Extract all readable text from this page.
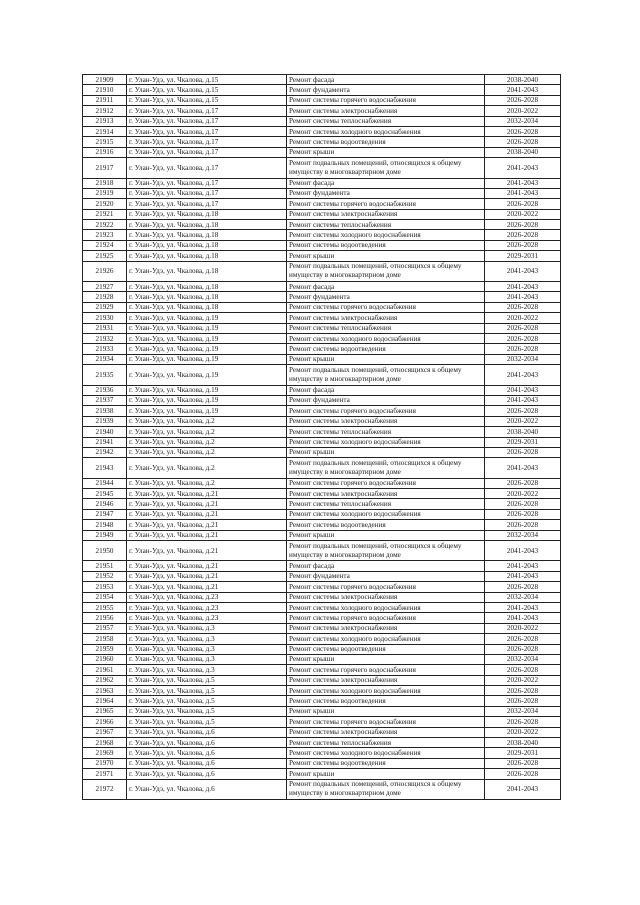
21909	г. Улан-Удэ, ул. Чкалова, д.15	Ремонт фасада	2038-2040
21910	г. Улан-Удэ, ул. Чкалова, д.15	Ремонт фундамента	2041-2043
21911	г. Улан-Удэ, ул. Чкалова, д.15	Ремонт системы горячего водоснабжения	2026-2028
21912	г. Улан-Удэ, ул. Чкалова, д.17	Ремонт системы электроснабжения	2020-2022
21913	г. Улан-Удэ, ул. Чкалова, д.17	Ремонт системы теплоснабжения	2032-2034
21914	г. Улан-Удэ, ул. Чкалова, д.17	Ремонт системы холодного водоснабжения	2026-2028
21915	г. Улан-Удэ, ул. Чкалова, д.17	Ремонт системы водоотведения	2026-2028
21916	г. Улан-Удэ, ул. Чкалова, д.17	Ремонт крыши	2038-2040
21917	г. Улан-Удэ, ул. Чкалова, д.17	Ремонт подвальных помещений, относящихся к общему имуществу в многоквартирном доме	2041-2043
21918	г. Улан-Удэ, ул. Чкалова, д.17	Ремонт фасада	2041-2043
21919	г. Улан-Удэ, ул. Чкалова, д.17	Ремонт фундамента	2041-2043
21920	г. Улан-Удэ, ул. Чкалова, д.17	Ремонт системы горячего водоснабжения	2026-2028
21921	г. Улан-Удэ, ул. Чкалова, д.18	Ремонт системы электроснабжения	2020-2022
21922	г. Улан-Удэ, ул. Чкалова, д.18	Ремонт системы теплоснабжения	2026-2028
21923	г. Улан-Удэ, ул. Чкалова, д.18	Ремонт системы холодного водоснабжения	2026-2028
21924	г. Улан-Удэ, ул. Чкалова, д.18	Ремонт системы водоотведения	2026-2028
21925	г. Улан-Удэ, ул. Чкалова, д.18	Ремонт крыши	2029-2031
21926	г. Улан-Удэ, ул. Чкалова, д.18	Ремонт подвальных помещений, относящихся к общему имуществу в многоквартирном доме	2041-2043
21927	г. Улан-Удэ, ул. Чкалова, д.18	Ремонт фасада	2041-2043
21928	г. Улан-Удэ, ул. Чкалова, д.18	Ремонт фундамента	2041-2043
21929	г. Улан-Удэ, ул. Чкалова, д.18	Ремонт системы горячего водоснабжения	2026-2028
21930	г. Улан-Удэ, ул. Чкалова, д.19	Ремонт системы электроснабжения	2020-2022
21931	г. Улан-Удэ, ул. Чкалова, д.19	Ремонт системы теплоснабжения	2026-2028
21932	г. Улан-Удэ, ул. Чкалова, д.19	Ремонт системы холодного водоснабжения	2026-2028
21933	г. Улан-Удэ, ул. Чкалова, д.19	Ремонт системы водоотведения	2026-2028
21934	г. Улан-Удэ, ул. Чкалова, д.19	Ремонт крыши	2032-2034
21935	г. Улан-Удэ, ул. Чкалова, д.19	Ремонт подвальных помещений, относящихся к общему имуществу в многоквартирном доме	2041-2043
21936	г. Улан-Удэ, ул. Чкалова, д.19	Ремонт фасада	2041-2043
21937	г. Улан-Удэ, ул. Чкалова, д.19	Ремонт фундамента	2041-2043
21938	г. Улан-Удэ, ул. Чкалова, д.19	Ремонт системы горячего водоснабжения	2026-2028
21939	г. Улан-Удэ, ул. Чкалова, д.2	Ремонт системы электроснабжения	2020-2022
21940	г. Улан-Удэ, ул. Чкалова, д.2	Ремонт системы теплоснабжения	2038-2040
21941	г. Улан-Удэ, ул. Чкалова, д.2	Ремонт системы холодного водоснабжения	2029-2031
21942	г. Улан-Удэ, ул. Чкалова, д.2	Ремонт крыши	2026-2028
21943	г. Улан-Удэ, ул. Чкалова, д.2	Ремонт подвальных помещений, относящихся к общему имуществу в многоквартирном доме	2041-2043
21944	г. Улан-Удэ, ул. Чкалова, д.2	Ремонт системы горячего водоснабжения	2026-2028
21945	г. Улан-Удэ, ул. Чкалова, д.21	Ремонт системы электроснабжения	2020-2022
21946	г. Улан-Удэ, ул. Чкалова, д.21	Ремонт системы теплоснабжения	2026-2028
21947	г. Улан-Удэ, ул. Чкалова, д.21	Ремонт системы холодного водоснабжения	2026-2028
21948	г. Улан-Удэ, ул. Чкалова, д.21	Ремонт системы водоотведения	2026-2028
21949	г. Улан-Удэ, ул. Чкалова, д.21	Ремонт крыши	2032-2034
21950	г. Улан-Удэ, ул. Чкалова, д.21	Ремонт подвальных помещений, относящихся к общему имуществу в многоквартирном доме	2041-2043
21951	г. Улан-Удэ, ул. Чкалова, д.21	Ремонт фасада	2041-2043
21952	г. Улан-Удэ, ул. Чкалова, д.21	Ремонт фундамента	2041-2043
21953	г. Улан-Удэ, ул. Чкалова, д.21	Ремонт системы горячего водоснабжения	2026-2028
21954	г. Улан-Удэ, ул. Чкалова, д.23	Ремонт системы электроснабжения	2032-2034
21955	г. Улан-Удэ, ул. Чкалова, д.23	Ремонт системы холодного водоснабжения	2041-2043
21956	г. Улан-Удэ, ул. Чкалова, д.23	Ремонт системы горячего водоснабжения	2041-2043
21957	г. Улан-Удэ, ул. Чкалова, д.3	Ремонт системы электроснабжения	2020-2022
21958	г. Улан-Удэ, ул. Чкалова, д.3	Ремонт системы холодного водоснабжения	2026-2028
21959	г. Улан-Удэ, ул. Чкалова, д.3	Ремонт системы водоотведения	2026-2028
21960	г. Улан-Удэ, ул. Чкалова, д.3	Ремонт крыши	2032-2034
21961	г. Улан-Удэ, ул. Чкалова, д.3	Ремонт системы горячего водоснабжения	2026-2028
21962	г. Улан-Удэ, ул. Чкалова, д.5	Ремонт системы электроснабжения	2020-2022
21963	г. Улан-Удэ, ул. Чкалова, д.5	Ремонт системы холодного водоснабжения	2026-2028
21964	г. Улан-Удэ, ул. Чкалова, д.5	Ремонт системы водоотведения	2026-2028
21965	г. Улан-Удэ, ул. Чкалова, д.5	Ремонт крыши	2032-2034
21966	г. Улан-Удэ, ул. Чкалова, д.5	Ремонт системы горячего водоснабжения	2026-2028
21967	г. Улан-Удэ, ул. Чкалова, д.6	Ремонт системы электроснабжения	2020-2022
21968	г. Улан-Удэ, ул. Чкалова, д.6	Ремонт системы теплоснабжения	2038-2040
21969	г. Улан-Удэ, ул. Чкалова, д.6	Ремонт системы холодного водоснабжения	2029-2031
21970	г. Улан-Удэ, ул. Чкалова, д.6	Ремонт системы водоотведения	2026-2028
21971	г. Улан-Удэ, ул. Чкалова, д.6	Ремонт крыши	2026-2028
21972	г. Улан-Удэ, ул. Чкалова, д.6	Ремонт подвальных помещений, относящихся к общему имуществу в многоквартирном доме	2041-2043
